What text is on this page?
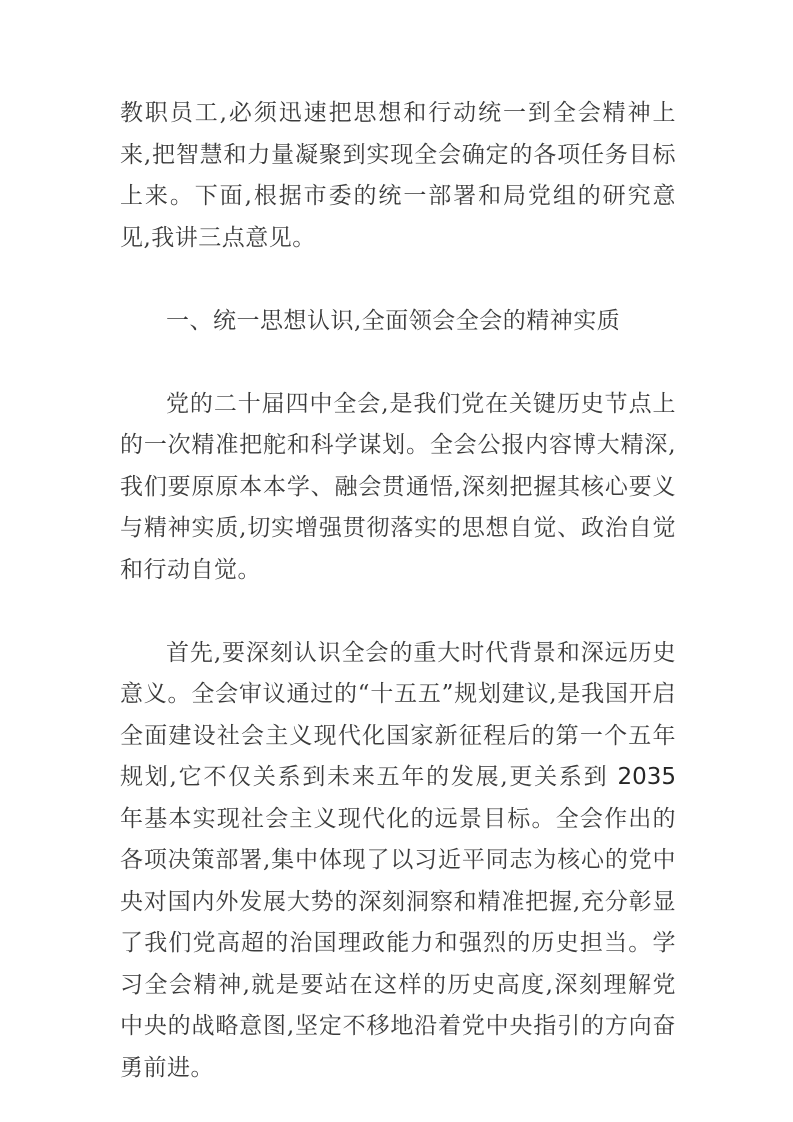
教职员工,必须迅速把思想和行动统一到全会精神上来,把智慧和力量凝聚到实现全会确定的各项任务目标上来。下面,根据市委的统一部署和局党组的研究意见,我讲三点意见。

一、统一思想认识,全面领会全会的精神实质

党的二十届四中全会,是我们党在关键历史节点上的一次精准把舵和科学谋划。全会公报内容博大精深,我们要原原本本学、融会贯通悟,深刻把握其核心要义与精神实质,切实增强贯彻落实的思想自觉、政治自觉和行动自觉。

首先,要深刻认识全会的重大时代背景和深远历史意义。全会审议通过的“十五五”规划建议,是我国开启全面建设社会主义现代化国家新征程后的第一个五年规划,它不仅关系到未来五年的发展,更关系到 2035 年基本实现社会主义现代化的远景目标。全会作出的各项决策部署,集中体现了以习近平同志为核心的党中央对国内外发展大势的深刻洞察和精准把握,充分彰显了我们党高超的治国理政能力和强烈的历史担当。学习全会精神,就是要站在这样的历史高度,深刻理解党中央的战略意图,坚定不移地沿着党中央指引的方向奋勇前进。
